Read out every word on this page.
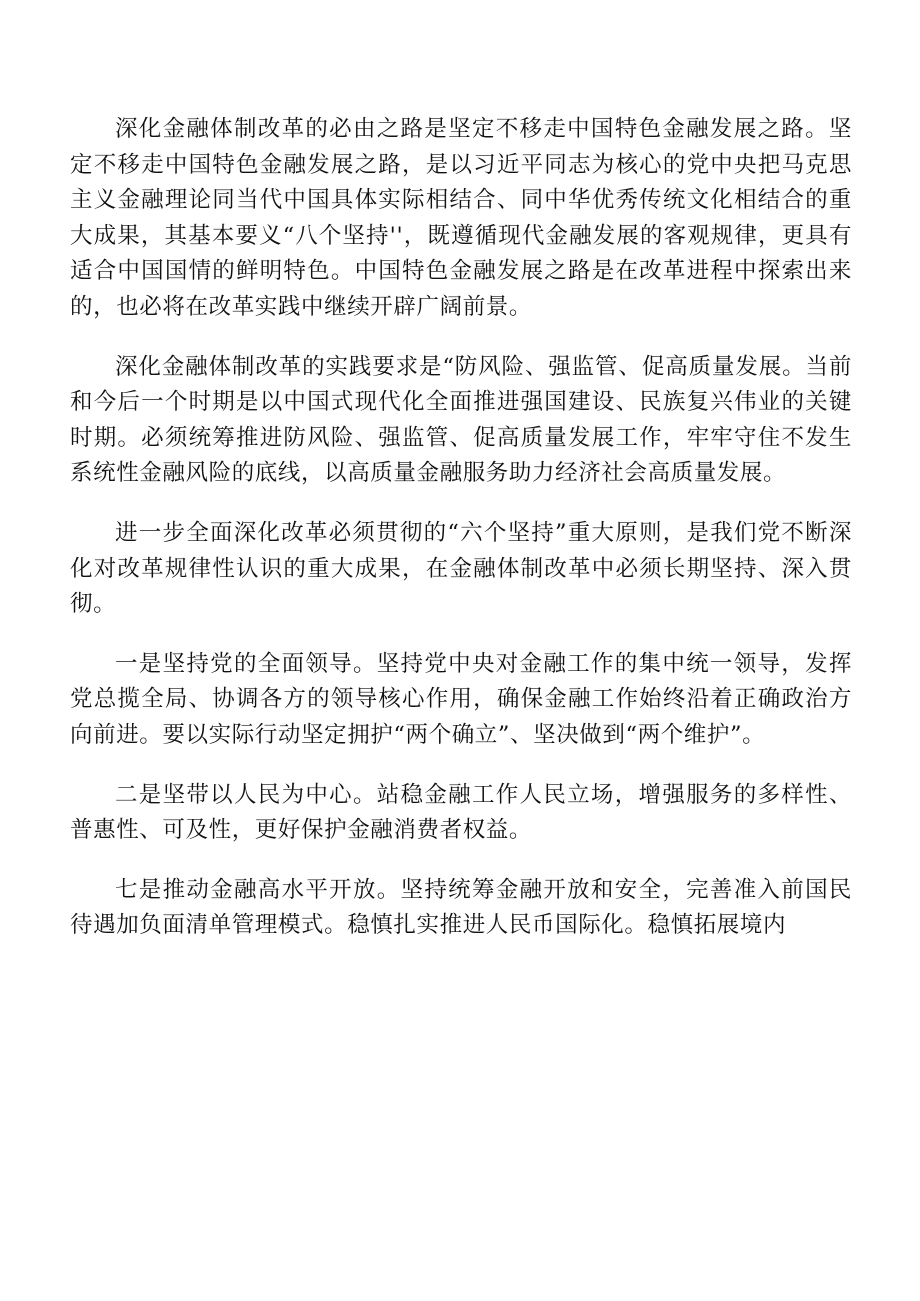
深化金融体制改革的必由之路是坚定不移走中国特色金融发展之路。坚定不移走中国特色金融发展之路，是以习近平同志为核心的党中央把马克思主义金融理论同当代中国具体实际相结合、同中华优秀传统文化相结合的重大成果，其基本要义“八个坚持''，既遵循现代金融发展的客观规律，更具有适合中国国情的鲜明特色。中国特色金融发展之路是在改革进程中探索出来的，也必将在改革实践中继续开辟广阔前景。

深化金融体制改革的实践要求是“防风险、强监管、促高质量发展。当前和今后一个时期是以中国式现代化全面推进强国建设、民族复兴伟业的关键时期。必须统筹推进防风险、强监管、促高质量发展工作，牢牢守住不发生系统性金融风险的底线，以高质量金融服务助力经济社会高质量发展。

进一步全面深化改革必须贯彻的“六个坚持”重大原则，是我们党不断深化对改革规律性认识的重大成果，在金融体制改革中必须长期坚持、深入贯彻。

一是坚持党的全面领导。坚持党中央对金融工作的集中统一领导，发挥党总揽全局、协调各方的领导核心作用，确保金融工作始终沿着正确政治方向前进。要以实际行动坚定拥护“两个确立”、坚决做到“两个维护”。

二是坚带以人民为中心。站稳金融工作人民立场，增强服务的多样性、普惠性、可及性，更好保护金融消费者权益。

七是推动金融高水平开放。坚持统筹金融开放和安全，完善准入前国民待遇加负面清单管理模式。稳慎扎实推进人民币国际化。稳慎拓展境内
